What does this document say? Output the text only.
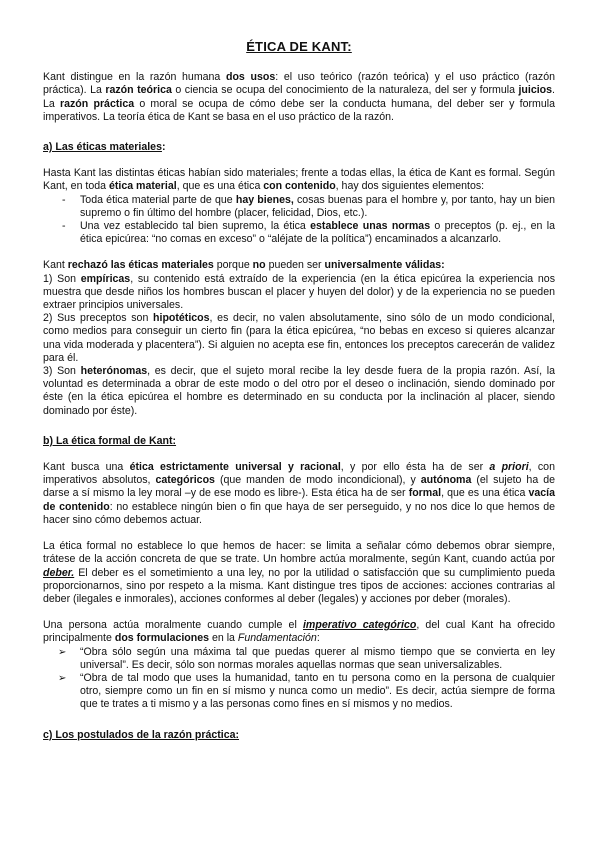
ÉTICA DE KANT:

Kant distingue en la razón humana dos usos: el uso teórico (razón teórica) y el uso práctico (razón práctica). La razón teórica o ciencia se ocupa del conocimiento de la naturaleza, del ser y formula juicios. La razón práctica o moral se ocupa de cómo debe ser la conducta humana, del deber ser y formula imperativos. La teoría ética de Kant se basa en el uso práctico de la razón.

a) Las éticas materiales:

Hasta Kant las distintas éticas habían sido materiales; frente a todas ellas, la ética de Kant es formal. Según Kant, en toda ética material, que es una ética con contenido, hay dos siguientes elementos:

- Toda ética material parte de que hay bienes, cosas buenas para el hombre y, por tanto, hay un bien supremo o fin último del hombre (placer, felicidad, Dios, etc.).
- Una vez establecido tal bien supremo, la ética establece unas normas o preceptos (p. ej., en la ética epicúrea: “no comas en exceso” o “aléjate de la política”) encaminados a alcanzarlo.

Kant rechazó las éticas materiales porque no pueden ser universalmente válidas:

1) Son empíricas, su contenido está extraído de la experiencia (en la ética epicúrea la experiencia nos muestra que desde niños los hombres buscan el placer y huyen del dolor) y de la experiencia no se pueden extraer principios universales.

2) Sus preceptos son hipotéticos, es decir, no valen absolutamente, sino sólo de un modo condicional, como medios para conseguir un cierto fin (para la ética epicúrea, “no bebas en exceso si quieres alcanzar una vida moderada y placentera”). Si alguien no acepta ese fin, entonces los preceptos carecerán de validez para él.

3) Son heterónomas, es decir, que el sujeto moral recibe la ley desde fuera de la propia razón. Así, la voluntad es determinada a obrar de este modo o del otro por el deseo o inclinación, siendo dominado por éste (en la ética epicúrea el hombre es determinado en su conducta por la inclinación al placer, siendo dominado por éste).

b) La ética formal de Kant:

Kant busca una ética estrictamente universal y racional, y por ello ésta ha de ser a priori, con imperativos absolutos, categóricos (que manden de modo incondicional), y autónoma (el sujeto ha de darse a sí mismo la ley moral –y de ese modo es libre-). Esta ética ha de ser formal, que es una ética vacía de contenido: no establece ningún bien o fin que haya de ser perseguido, y no nos dice lo que hemos de hacer sino cómo debemos actuar.

La ética formal no establece lo que hemos de hacer: se limita a señalar cómo debemos obrar siempre, trátese de la acción concreta de que se trate. Un hombre actúa moralmente, según Kant, cuando actúa por deber. El deber es el sometimiento a una ley, no por la utilidad o satisfacción que su cumplimiento pueda proporcionarnos, sino por respeto a la misma. Kant distingue tres tipos de acciones: acciones contrarias al deber (ilegales e inmorales), acciones conformes al deber (legales) y acciones por deber (morales).

Una persona actúa moralmente cuando cumple el imperativo categórico, del cual Kant ha ofrecido principalmente dos formulaciones en la Fundamentación:

➢ “Obra sólo según una máxima tal que puedas querer al mismo tiempo que se convierta en ley universal”. Es decir, sólo son normas morales aquellas normas que sean universalizables.
➢ “Obra de tal modo que uses la humanidad, tanto en tu persona como en la persona de cualquier otro, siempre como un fin en sí mismo y nunca como un medio”. Es decir, actúa siempre de forma que te trates a ti mismo y a las personas como fines en sí mismos y no medios.

c) Los postulados de la razón práctica:
